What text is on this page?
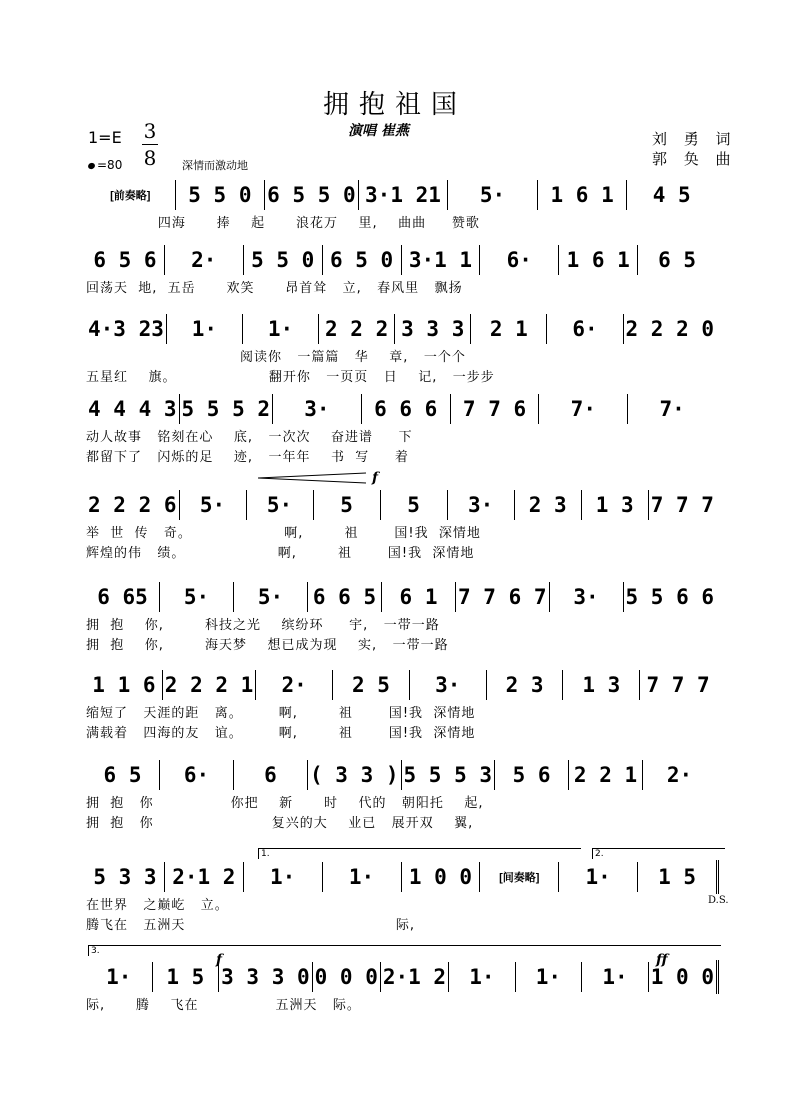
拥抱祖国
演唱 崔燕
1=E 3
8
=80	深情而激动地
刘 勇 词
郭 奂 曲
[前奏略] 5 5 0 6 5 5 0 3·1 21 5· 1 6 1 4 5
四海      捧    起      浪花万    里,    曲曲     赞歌
6 5 6 2· 5 5 0 6 5 0 3·1 1 6· 1 6 1 6 5
回荡天  地,  五岳      欢笑      昂首耸   立,   春风里   飘扬
4·3 23 1· 1· 2 2 2 3 3 3 2 1 6· 2 2 2 0
阅读你   一篇篇   华    章,   一个个
五星红    旗。                  翻开你   一页页   日    记,   一步步
4 4 4 3 5 5 5 2 3· 6 6 6 7 7 6 7·	7·
动人故事   铭刻在心    底,   一次次    奋进谱     下
都留下了   闪烁的足    迹,   一年年    书  写     着
2 2 2 6 5· 5· 5	5 3· 2 3 1 3 7 7 7
举  世  传   奇。                  啊,        祖       国!我  深情地
辉煌的伟   绩。                  啊,        祖       国!我  深情地
6 65 5· 5· 6 6 5 6 1 7 7 6 7 3· 5 5 6 6
拥  抱    你,        科技之光    缤纷环     宇,   一带一路
拥  抱    你,        海天梦    想已成为现    实,   一带一路
1 1 6 2 2 2 1 2· 2 5 3· 2 3 1 3 7 7 7
缩短了   天涯的距   离。       啊,        祖       国!我  深情地
满载着   四海的友   谊。       啊,        祖       国!我  深情地
6 5 6·	6 ( 3 3 ) 5 5 5 3 5 6 2 2 1 2·
拥  抱   你               你把    新      时    代的   朝阳托    起,
拥  抱   你                       复兴的大    业已   展开双    翼,
5 3 3 2·1 2 1·	1· 1 0 0 [间奏略] 1· 1 5
在世界   之巅屹   立。
腾飞在   五洲天                                         际,
1· 1 5 3 3 3 0 0 0 0 2·1 2 1· 1· 1· 1 0 0
际,      腾    飞在               五洲天   际。
D.S.
f
f	ff
1.	2.
3.
